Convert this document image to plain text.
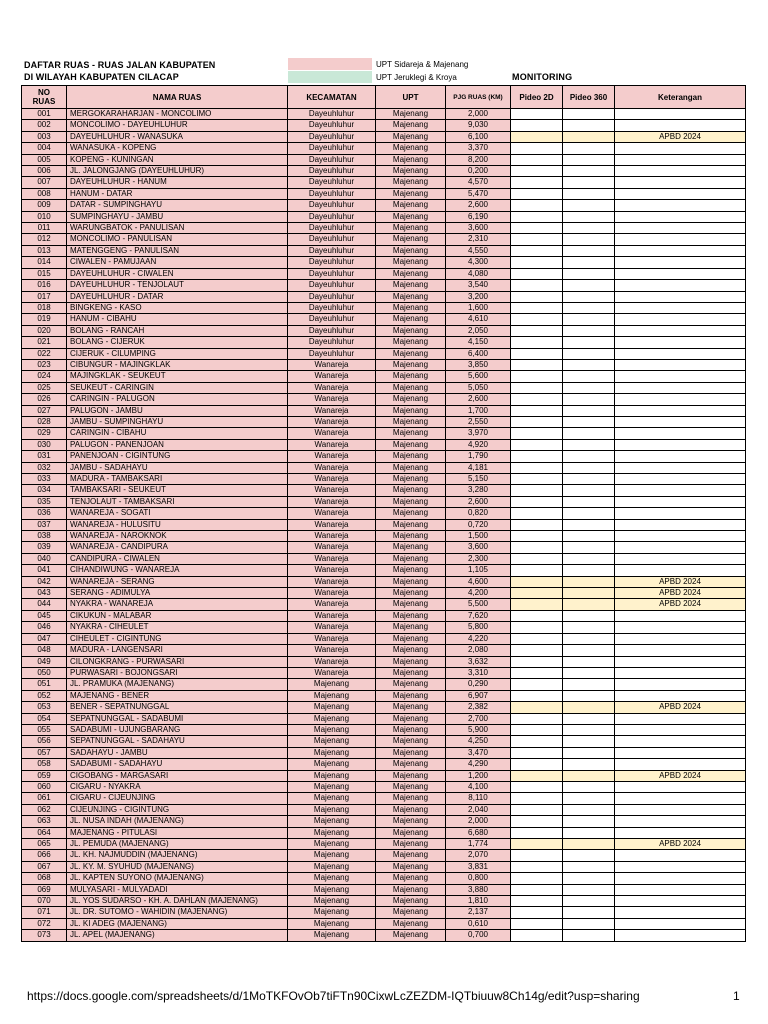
DAFTAR RUAS - RUAS JALAN KABUPATEN
DI WILAYAH KABUPATEN CILACAP
UPT Sidareja & Majenang
UPT Jeruklegi & Kroya	MONITORING
NO RUAS	NAMA RUAS	KECAMATAN	UPT	PJG RUAS (KM)	Pideo 2D	Pideo 360	Keterangan
001	MERGOKARAHARJAN - MONCOLIMO	Dayeuhluhur	Majenang	2,000			
002	MONCOLIMO - DAYEUHLUHUR	Dayeuhluhur	Majenang	9,030			
003	DAYEUHLUHUR - WANASUKA	Dayeuhluhur	Majenang	6,100			APBD 2024
004	WANASUKA - KOPENG	Dayeuhluhur	Majenang	3,370			
005	KOPENG - KUNINGAN	Dayeuhluhur	Majenang	8,200			
006	JL. JALONGJANG (DAYEUHLUHUR)	Dayeuhluhur	Majenang	0,200			
007	DAYEUHLUHUR - HANUM	Dayeuhluhur	Majenang	4,570			
008	HANUM - DATAR	Dayeuhluhur	Majenang	5,470			
009	DATAR - SUMPINGHAYU	Dayeuhluhur	Majenang	2,600			
010	SUMPINGHAYU - JAMBU	Dayeuhluhur	Majenang	6,190			
011	WARUNGBATOK - PANULISAN	Dayeuhluhur	Majenang	3,600			
012	MONCOLIMO - PANULISAN	Dayeuhluhur	Majenang	2,310			
013	MATENGGENG - PANULISAN	Dayeuhluhur	Majenang	4,550			
014	CIWALEN - PAMUJAAN	Dayeuhluhur	Majenang	4,300			
015	DAYEUHLUHUR - CIWALEN	Dayeuhluhur	Majenang	4,080			
016	DAYEUHLUHUR - TENJOLAUT	Dayeuhluhur	Majenang	3,540			
017	DAYEUHLUHUR - DATAR	Dayeuhluhur	Majenang	3,200			
018	BINGKENG - KASO	Dayeuhluhur	Majenang	1,600			
019	HANUM - CIBAHU	Dayeuhluhur	Majenang	4,610			
020	BOLANG - RANCAH	Dayeuhluhur	Majenang	2,050			
021	BOLANG - CIJERUK	Dayeuhluhur	Majenang	4,150			
022	CIJERUK - CILUMPING	Dayeuhluhur	Majenang	6,400			
023	CIBUNGUR - MAJINGKLAK	Wanareja	Majenang	3,850			
024	MAJINGKLAK - SEUKEUT	Wanareja	Majenang	5,600			
025	SEUKEUT - CARINGIN	Wanareja	Majenang	5,050			
026	CARINGIN - PALUGON	Wanareja	Majenang	2,600			
027	PALUGON - JAMBU	Wanareja	Majenang	1,700			
028	JAMBU - SUMPINGHAYU	Wanareja	Majenang	2,550			
029	CARINGIN - CIBAHU	Wanareja	Majenang	3,970			
030	PALUGON - PANENJOAN	Wanareja	Majenang	4,920			
031	PANENJOAN - CIGINTUNG	Wanareja	Majenang	1,790			
032	JAMBU - SADAHAYU	Wanareja	Majenang	4,181			
033	MADURA - TAMBAKSARI	Wanareja	Majenang	5,150			
034	TAMBAKSARI - SEUKEUT	Wanareja	Majenang	3,280			
035	TENJOLAUT - TAMBAKSARI	Wanareja	Majenang	2,600			
036	WANAREJA - SOGATI	Wanareja	Majenang	0,820			
037	WANAREJA - HULUSITU	Wanareja	Majenang	0,720			
038	WANAREJA - NAROKNOK	Wanareja	Majenang	1,500			
039	WANAREJA - CANDIPURA	Wanareja	Majenang	3,600			
040	CANDIPURA - CIWALEN	Wanareja	Majenang	2,300			
041	CIHANDIWUNG - WANAREJA	Wanareja	Majenang	1,105			
042	WANAREJA - SERANG	Wanareja	Majenang	4,600			APBD 2024
043	SERANG - ADIMULYA	Wanareja	Majenang	4,200			APBD 2024
044	NYAKRA - WANAREJA	Wanareja	Majenang	5,500			APBD 2024
045	CIKUKUN - MALABAR	Wanareja	Majenang	7,620			
046	NYAKRA - CIHEULET	Wanareja	Majenang	5,800			
047	CIHEULET - CIGINTUNG	Wanareja	Majenang	4,220			
048	MADURA - LANGENSARI	Wanareja	Majenang	2,080			
049	CILONGKRANG - PURWASARI	Wanareja	Majenang	3,632			
050	PURWASARI - BOJONGSARI	Wanareja	Majenang	3,310			
051	JL. PRAMUKA (MAJENANG)	Majenang	Majenang	0,290			
052	MAJENANG - BENER	Majenang	Majenang	6,907			
053	BENER - SEPATNUNGGAL	Majenang	Majenang	2,382			APBD 2024
054	SEPATNUNGGAL - SADABUMI	Majenang	Majenang	2,700			
055	SADABUMI - UJUNGBARANG	Majenang	Majenang	5,900			
056	SEPATNUNGGAL - SADAHAYU	Majenang	Majenang	4,250			
057	SADAHAYU - JAMBU	Majenang	Majenang	3,470			
058	SADABUMI - SADAHAYU	Majenang	Majenang	4,290			
059	CIGOBANG - MARGASARI	Majenang	Majenang	1,200			APBD 2024
060	CIGARU - NYAKRA	Majenang	Majenang	4,100			
061	CIGARU - CIJEUNJING	Majenang	Majenang	8,110			
062	CIJEUNJING - CIGINTUNG	Majenang	Majenang	2,040			
063	JL. NUSA INDAH (MAJENANG)	Majenang	Majenang	2,000			
064	MAJENANG - PITULASI	Majenang	Majenang	6,680			
065	JL. PEMUDA (MAJENANG)	Majenang	Majenang	1,774			APBD 2024
066	JL. KH. NAJMUDDIN (MAJENANG)	Majenang	Majenang	2,070			
067	JL. KY. M. SYUHUD (MAJENANG)	Majenang	Majenang	3,831			
068	JL. KAPTEN SUYONO (MAJENANG)	Majenang	Majenang	0,800			
069	MULYASARI - MULYADADI	Majenang	Majenang	3,880			
070	JL. YOS SUDARSO - KH. A. DAHLAN (MAJENANG)	Majenang	Majenang	1,810			
071	JL. DR. SUTOMO - WAHIDIN (MAJENANG)	Majenang	Majenang	2,137			
072	JL. KI ADEG (MAJENANG)	Majenang	Majenang	0,610			
073	JL. APEL (MAJENANG)	Majenang	Majenang	0,700			
https://docs.google.com/spreadsheets/d/1MoTKFOvOb7tiFTn90CixwLcZEZDM-IQTbiuuw8Ch14g/edit?usp=sharing	1
